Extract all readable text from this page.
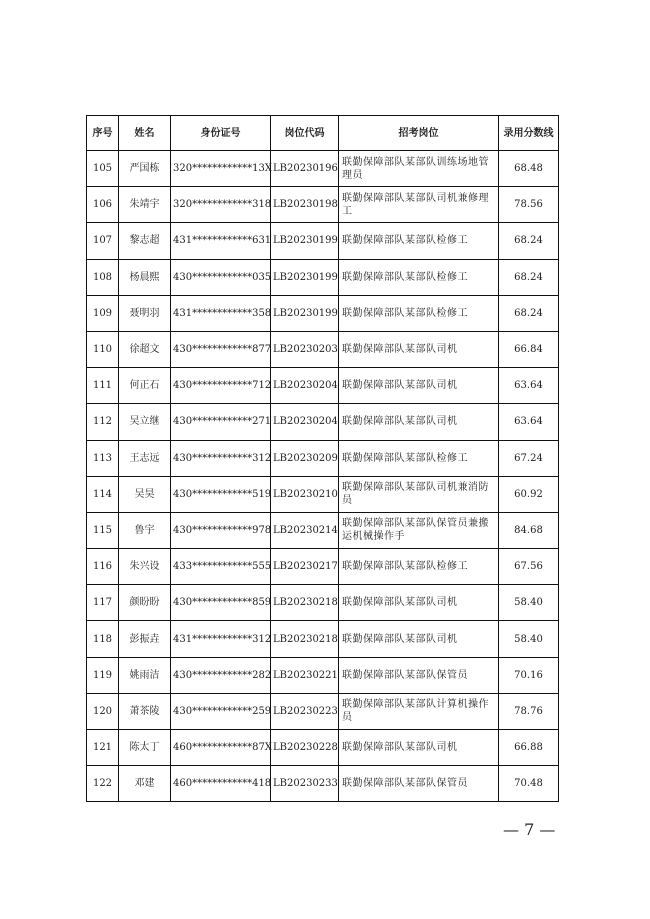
序号	姓名	身份证号	岗位代码	招考岗位	录用分数线
105	严国栋	320************13X	LB20230196	联勤保障部队某部队训练场地管理员	68.48
106	朱靖宇	320************318	LB20230198	联勤保障部队某部队司机兼修理工	78.56
107	黎志超	431************631	LB20230199	联勤保障部队某部队检修工	68.24
108	杨晨熙	430************035	LB20230199	联勤保障部队某部队检修工	68.24
109	聂明羽	431************358	LB20230199	联勤保障部队某部队检修工	68.24
110	徐超文	430************877	LB20230203	联勤保障部队某部队司机	66.84
111	何正石	430************712	LB20230204	联勤保障部队某部队司机	63.64
112	吴立继	430************271	LB20230204	联勤保障部队某部队司机	63.64
113	王志远	430************312	LB20230209	联勤保障部队某部队检修工	67.24
114	吴昊	430************519	LB20230210	联勤保障部队某部队司机兼消防员	60.92
115	鲁宇	430************978	LB20230214	联勤保障部队某部队保管员兼搬运机械操作手	84.68
116	朱兴设	433************555	LB20230217	联勤保障部队某部队检修工	67.56
117	颜盼盼	430************859	LB20230218	联勤保障部队某部队司机	58.40
118	彭振垚	431************312	LB20230218	联勤保障部队某部队司机	58.40
119	姚雨洁	430************282	LB20230221	联勤保障部队某部队保管员	70.16
120	萧茶陵	430************259	LB20230223	联勤保障部队某部队计算机操作员	78.76
121	陈太丁	460************87X	LB20230228	联勤保障部队某部队司机	66.88
122	邓建	460************418	LB20230233	联勤保障部队某部队保管员	70.48
— 7 —
